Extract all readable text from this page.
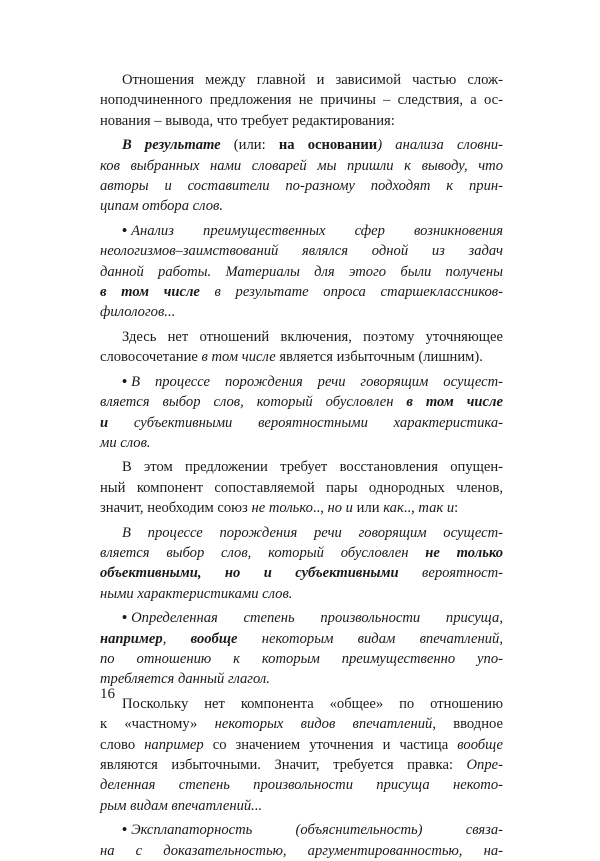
Отношения между главной и зависимой частью слож-
ноподчиненного предложения не причины – следствия, а ос-
нования – вывода, что требует редактирования:
В результате (или: на основании) анализа словни-
ков выбранных нами словарей мы пришли к выводу, что
авторы и составители по-разному подходят к прин-
ципам отбора слов.
• Анализ преимущественных сфер возникновения
неологизмов–заимствований являлся одной из задач
данной работы. Материалы для этого были получены
в том числе в результате опроса старшеклассников-
филологов...
Здесь нет отношений включения, поэтому уточняющее
словосочетание в том числе является избыточным (лишним).
• В процессе порождения речи говорящим осущест-
вляется выбор слов, который обусловлен в том числе
и субъективными вероятностными характеристика-
ми слов.
В этом предложении требует восстановления опущен-
ный компонент сопоставляемой пары однородных членов,
значит, необходим союз не только.., но и или как.., так и:
В процессе порождения речи говорящим осущест-
вляется выбор слов, который обусловлен не только
объективными, но и субъективными вероятност-
ными характеристиками слов.
• Определенная степень произвольности присуща,
например, вообще некоторым видам впечатлений,
по отношению к которым преимущественно упо-
требляется данный глагол.
Поскольку нет компонента «общее» по отношению
к «частному» некоторых видов впечатлений, вводное
слово например со значением уточнения и частица вообще
являются избыточными. Значит, требуется правка: Опре-
деленная степень произвольности присуща некото-
рым видам впечатлений...
• Эксплanаторность (объяснительность) связа-
на с доказательностью, аргументированностью, на-
16
